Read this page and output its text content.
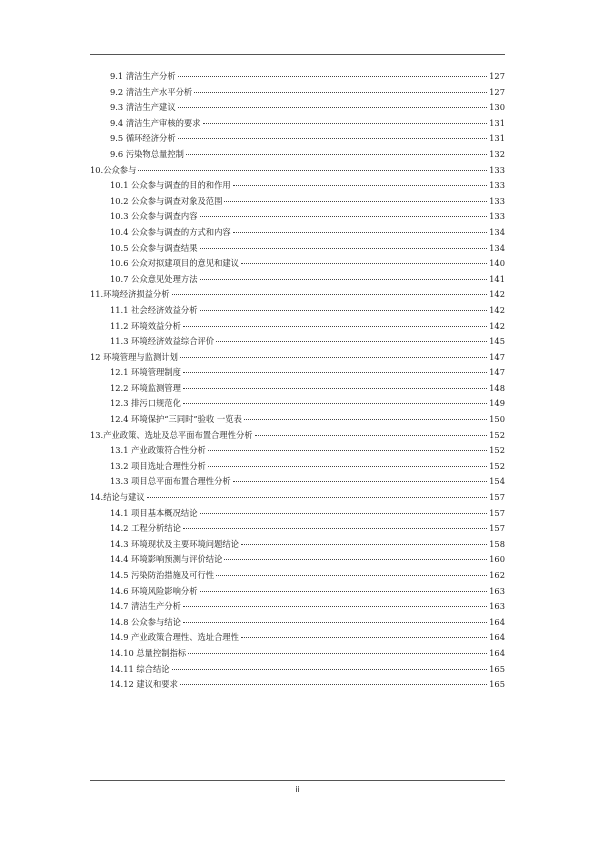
9.1 清洁生产分析	127
9.2 清洁生产水平分析	127
9.3 清洁生产建议	130
9.4 清洁生产审核的要求	131
9.5 循环经济分析	131
9.6 污染物总量控制	132
10.公众参与	133
10.1 公众参与调查的目的和作用	133
10.2 公众参与调查对象及范围	133
10.3 公众参与调查内容	133
10.4 公众参与调查的方式和内容	134
10.5 公众参与调查结果	134
10.6 公众对拟建项目的意见和建议	140
10.7 公众意见处理方法	141
11.环境经济损益分析	142
11.1 社会经济效益分析	142
11.2 环境效益分析	142
11.3 环境经济效益综合评价	145
12 环境管理与监测计划	147
12.1 环境管理制度	147
12.2 环境监测管理	148
12.3 排污口规范化	149
12.4 环境保护“三同时”验收 一览表	150
13.产业政策、选址及总平面布置合理性分析	152
13.1 产业政策符合性分析	152
13.2 项目选址合理性分析	152
13.3 项目总平面布置合理性分析	154
14.结论与建议	157
14.1 项目基本概况结论	157
14.2 工程分析结论	157
14.3 环境现状及主要环境问题结论	158
14.4 环境影响预测与评价结论	160
14.5 污染防治措施及可行性	162
14.6 环境风险影响分析	163
14.7 清洁生产分析	163
14.8 公众参与结论	164
14.9 产业政策合理性、选址合理性	164
14.10 总量控制指标	164
14.11 综合结论	165
14.12 建议和要求	165
ii
